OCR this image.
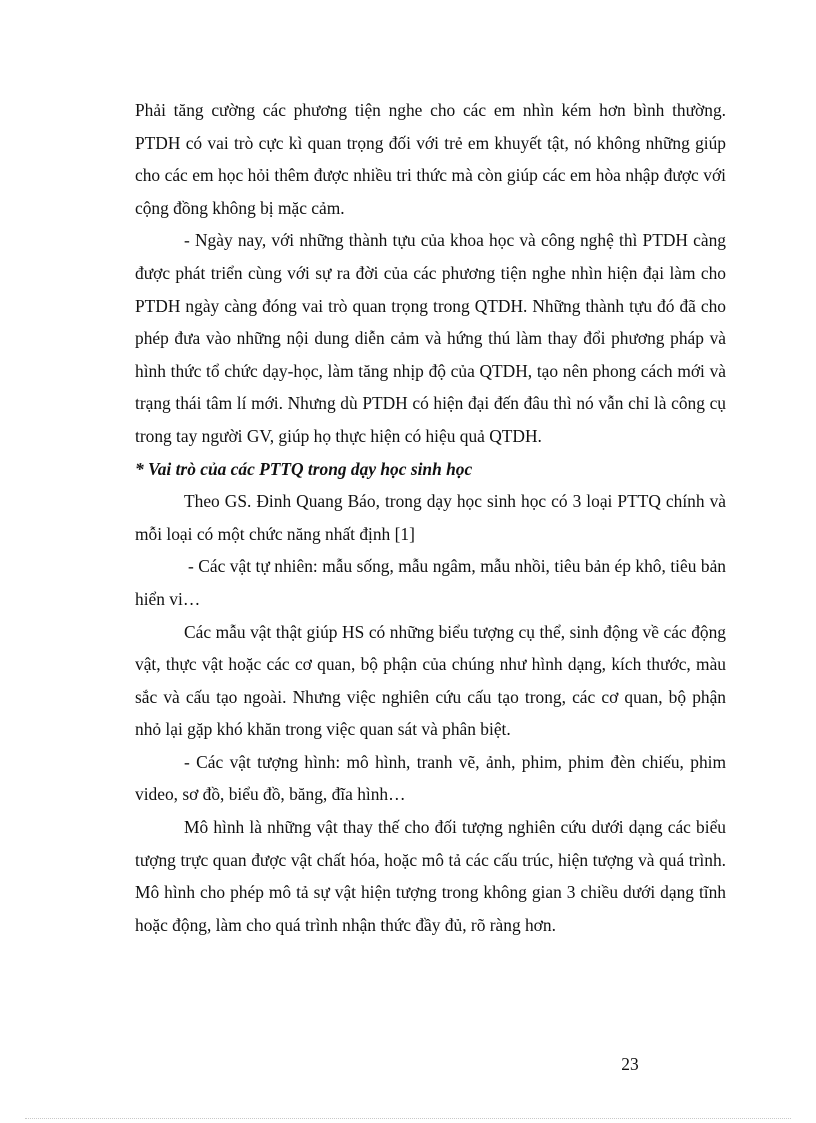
Phải tăng cường các phương tiện nghe cho các em nhìn kém hơn bình thường. PTDH có vai trò cực kì quan trọng đối với trẻ em khuyết tật, nó không những giúp cho các em học hỏi thêm được nhiều tri thức mà còn giúp các em hòa nhập được với cộng đồng không bị mặc cảm.

- Ngày nay, với những thành tựu của khoa học và công nghệ thì PTDH càng được phát triển cùng với sự ra đời của các phương tiện nghe nhìn hiện đại làm cho PTDH ngày càng đóng vai trò quan trọng trong QTDH. Những thành tựu đó đã cho phép đưa vào những nội dung diễn cảm và hứng thú làm thay đổi phương pháp và hình thức tổ chức dạy-học, làm tăng nhịp độ của QTDH, tạo nên phong cách mới và trạng thái tâm lí mới. Nhưng dù PTDH có hiện đại đến đâu thì nó vẫn chỉ là công cụ trong tay người GV, giúp họ thực hiện có hiệu quả QTDH.

* Vai trò của các PTTQ trong dạy học sinh học

Theo GS. Đinh Quang Báo, trong dạy học sinh học có 3 loại PTTQ chính và mỗi loại có một chức năng nhất định [1]

- Các vật tự nhiên: mẫu sống, mẫu ngâm, mẫu nhồi, tiêu bản ép khô, tiêu bản hiển vi…

Các mẫu vật thật giúp HS có những biểu tượng cụ thể, sinh động về các động vật, thực vật hoặc các cơ quan, bộ phận của chúng như hình dạng, kích thước, màu sắc và cấu tạo ngoài. Nhưng việc nghiên cứu cấu tạo trong, các cơ quan, bộ phận nhỏ lại gặp khó khăn trong việc quan sát và phân biệt.

- Các vật tượng hình: mô hình, tranh vẽ, ảnh, phim, phim đèn chiếu, phim video, sơ đồ, biểu đồ, băng, đĩa hình…

Mô hình là những vật thay thế cho đối tượng nghiên cứu dưới dạng các biểu tượng trực quan được vật chất hóa, hoặc mô tả các cấu trúc, hiện tượng và quá trình. Mô hình cho phép mô tả sự vật hiện tượng trong không gian 3 chiều dưới dạng tĩnh hoặc động, làm cho quá trình nhận thức đầy đủ, rõ ràng hơn.

23
